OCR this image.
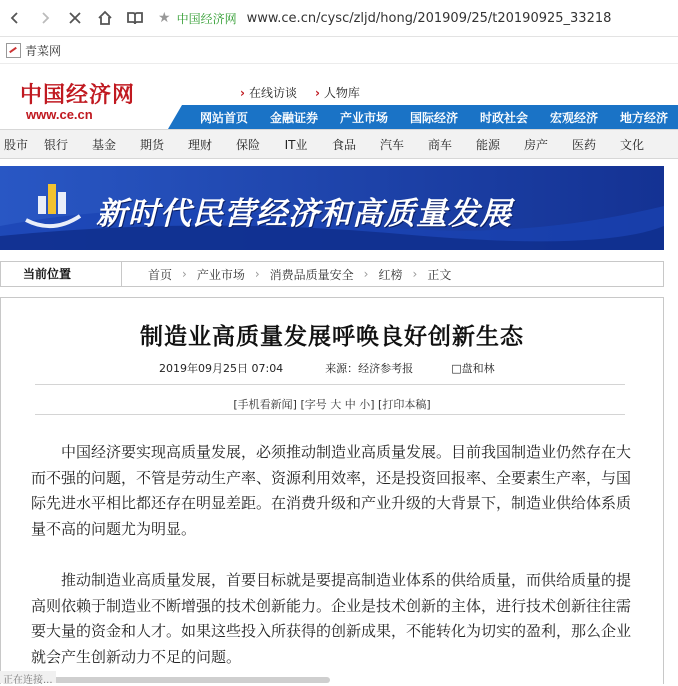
★ 中国经济网 www.ce.cn/cysc/zljd/hong/201909/25/t20190925_33218
青菜网
中国经济网
www.ce.cn
› 在线访谈
›	人物库
网站首页	金融证券	产业市场	国际经济	时政社会	宏观经济	地方经济
股市	银行	基金	期货	理财	保险	IT业	食品	汽车	商车	能源	房产	医药	文化
新时代民营经济和高质量发展
当前位置	首页 › 产业市场 › 消费品质量安全 › 红榜 › 正文
制造业高质量发展呼唤良好创新生态
2019年09月25日 07:04	来源：经济参考报	□盘和林
[手机看新闻] [字号 大 中 小] [打印本稿]

中国经济要实现高质量发展，必须推动制造业高质量发展。目前我国制造业仍然存在大而不强的问题，不管是劳动生产率、资源利用效率，还是投资回报率、全要素生产率，与国际先进水平相比都还存在明显差距。在消费升级和产业升级的大背景下，制造业供给体系质量不高的问题尤为明显。

推动制造业高质量发展，首要目标就是要提高制造业体系的供给质量，而供给质量的提高则依赖于制造业不断增强的技术创新能力。企业是技术创新的主体，进行技术创新往往需要大量的资金和人才。如果这些投入所获得的创新成果，不能转化为切实的盈利，那么企业就会产生创新动力不足的问题。

正在连接...
